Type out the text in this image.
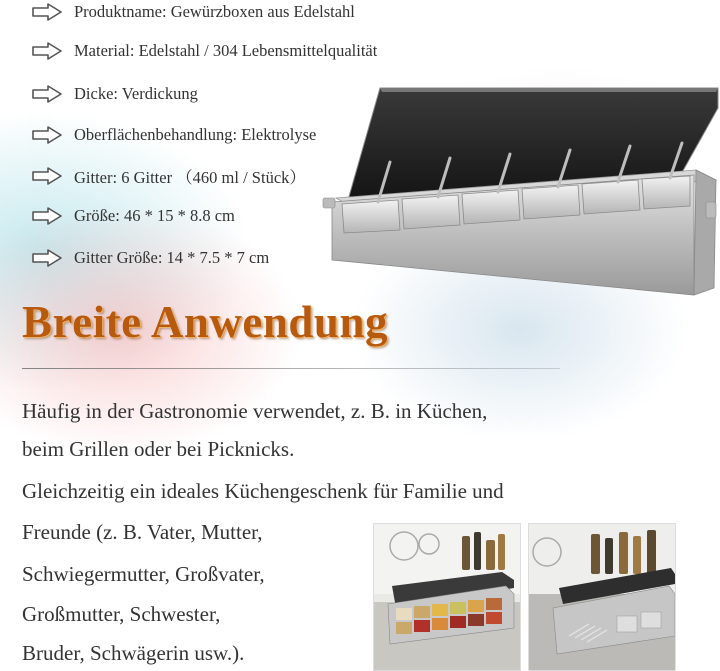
Produktname: Gewürzboxen aus Edelstahl
Material: Edelstahl / 304 Lebensmittelqualität
Dicke: Verdickung
Oberflächenbehandlung: Elektrolyse
Gitter: 6 Gitter （460 ml / Stück）
Größe: 46 * 15 * 8.8 cm
Gitter Größe: 14 * 7.5 * 7 cm
Breite Anwendung
Häufig in der Gastronomie verwendet, z. B. in Küchen,
beim Grillen oder bei Picknicks.
Gleichzeitig ein ideales Küchengeschenk für Familie und
Freunde (z. B. Vater, Mutter,
Schwiegermutter, Großvater,
Großmutter, Schwester,
Bruder, Schwägerin usw.).
